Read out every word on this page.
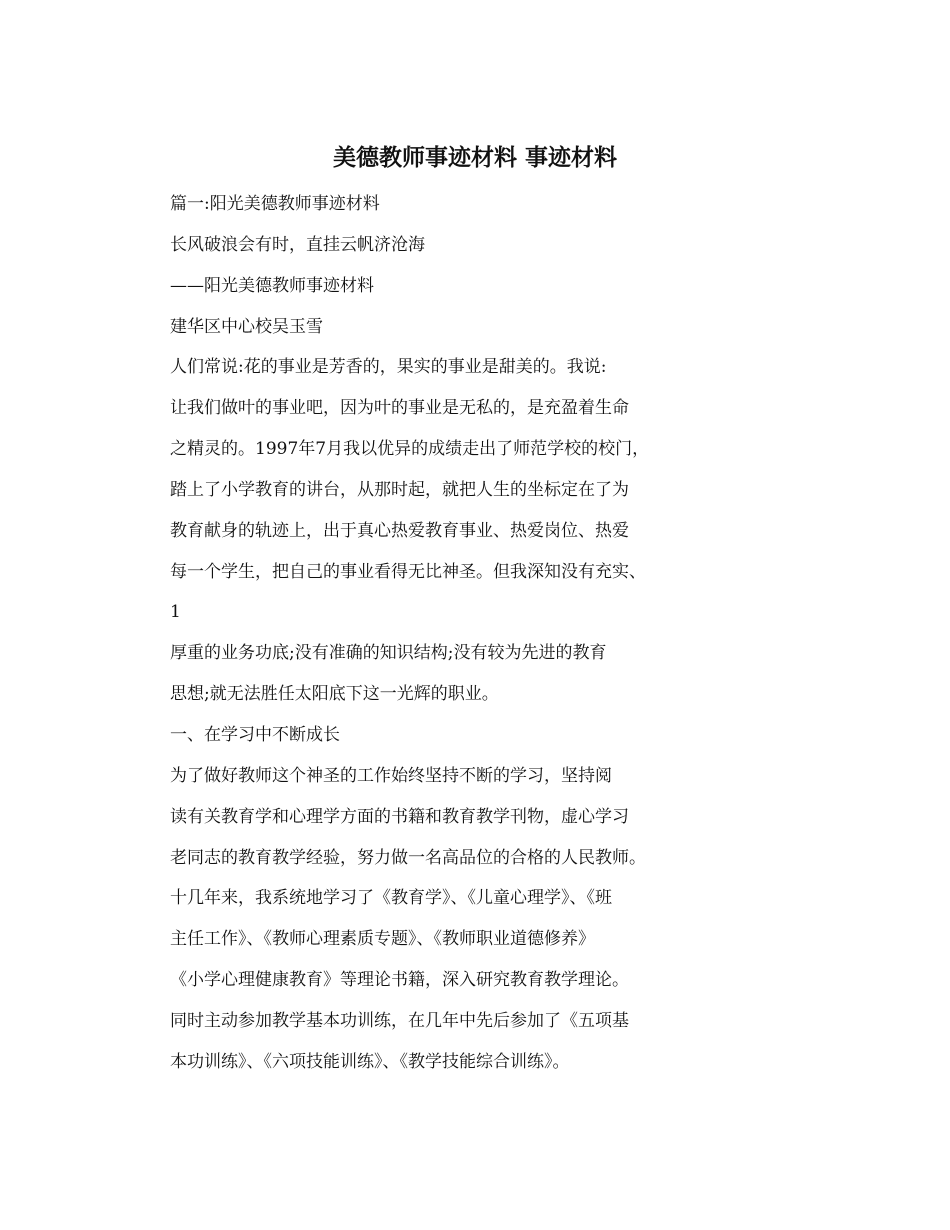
美德教师事迹材料 事迹材料
篇一:阳光美德教师事迹材料
长风破浪会有时，直挂云帆济沧海
——阳光美德教师事迹材料
建华区中心校吴玉雪
人们常说:花的事业是芳香的，果实的事业是甜美的。我说:
让我们做叶的事业吧，因为叶的事业是无私的，是充盈着生命
之精灵的。1997年7月我以优异的成绩走出了师范学校的校门，
踏上了小学教育的讲台，从那时起，就把人生的坐标定在了为
教育献身的轨迹上，出于真心热爱教育事业、热爱岗位、热爱
每一个学生，把自己的事业看得无比神圣。但我深知没有充实、
1
厚重的业务功底;没有准确的知识结构;没有较为先进的教育
思想;就无法胜任太阳底下这一光辉的职业。
一、在学习中不断成长
为了做好教师这个神圣的工作始终坚持不断的学习，坚持阅
读有关教育学和心理学方面的书籍和教育教学刊物，虚心学习
老同志的教育教学经验，努力做一名高品位的合格的人民教师。
十几年来，我系统地学习了《教育学》、《儿童心理学》、《班
主任工作》、《教师心理素质专题》、《教师职业道德修养》
《小学心理健康教育》等理论书籍，深入研究教育教学理论。
同时主动参加教学基本功训练，在几年中先后参加了《五项基
本功训练》、《六项技能训练》、《教学技能综合训练》。
